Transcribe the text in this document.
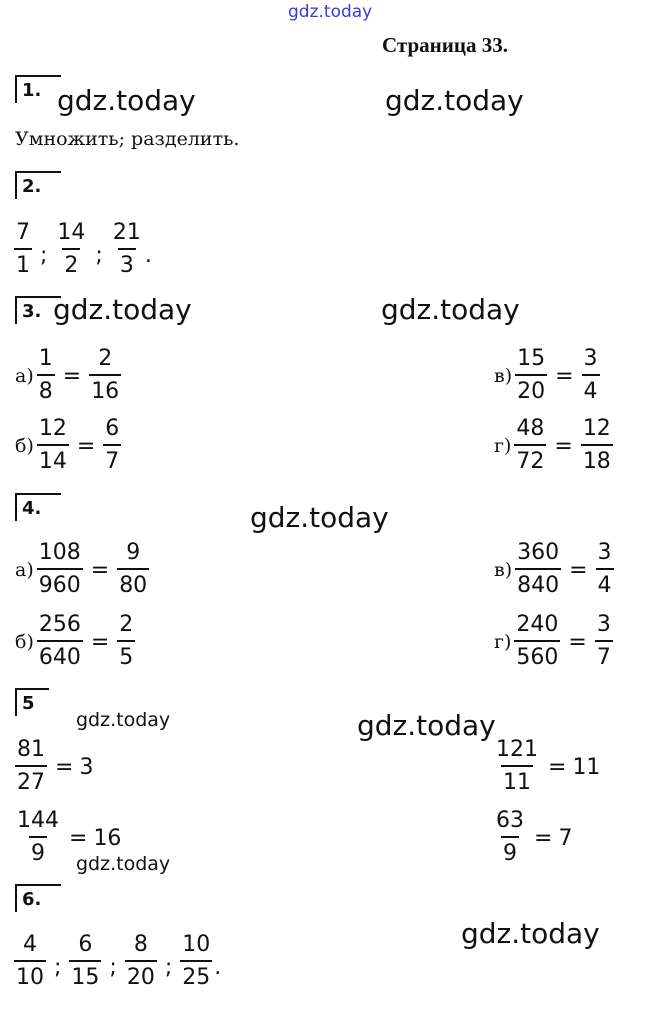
gdz.today
Страница 33.
1. gdz.today	gdz.today
Умножить; разделить.
2.
$\frac{7}{1}$ ; $\frac{14}{2}$ ; $\frac{21}{3}$ .
3. gdz.today	gdz.today
$а) \frac{1}{8} = \frac{2}{16}$
$б) \frac{12}{14} = \frac{6}{7}$
$в) \frac{15}{20} = \frac{3}{4}$
$г) \frac{48}{72} = \frac{12}{18}$
4.	gdz.today
$а) \frac{108}{960} = \frac{9}{80}$
$б) \frac{256}{640} = \frac{2}{5}$
$в) \frac{360}{840} = \frac{3}{4}$
$г) \frac{240}{560} = \frac{3}{7}$
5
gdz.today	gdz.today
$\frac{81}{27} = 3$
$\frac{144}{9} = 16$
gdz.today
$\frac{121}{11} = 11$
$\frac{63}{9} = 7$
6.
gdz.today
$\frac{4}{10}$ ; $\frac{6}{15}$ ; $\frac{8}{20}$ ; $\frac{10}{25}$ .
